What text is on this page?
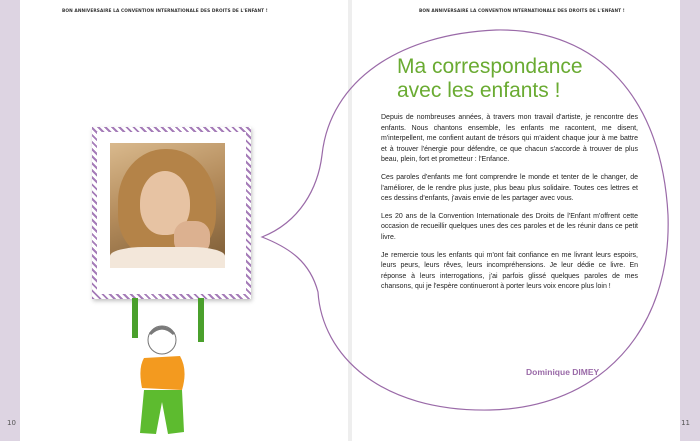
BON ANNIVERSAIRE LA CONVENTION INTERNATIONALE DES DROITS DE L'ENFANT !	BON ANNIVERSAIRE LA CONVENTION INTERNATIONALE DES DROITS DE L'ENFANT !
Ma correspondance
avec les enfants !

Depuis de nombreuses années, à travers mon travail d'artiste, je rencontre des enfants. Nous chantons ensemble, les enfants me racontent, me disent, m'interpellent, me confient autant de trésors qui m'aident chaque jour à me battre et à trouver l'énergie pour défendre, ce que chacun s'accorde à trouver de plus beau, plein, fort et prometteur : l'Enfance.

Ces paroles d'enfants me font comprendre le monde et tenter de le changer, de l'améliorer, de le rendre plus juste, plus beau plus solidaire. Toutes ces lettres et ces dessins d'enfants, j'avais envie de les partager avec vous.

Les 20 ans de la Convention Internationale des Droits de l'Enfant m'offrent cette occasion de recueillir quelques unes des ces paroles et de les réunir dans ce petit livre.

Je remercie tous les enfants qui m'ont fait confiance en me livrant leurs espoirs, leurs peurs, leurs rêves, leurs incompréhensions. Je leur dédie ce livre. En réponse à leurs interrogations, j'ai parfois glissé quelques paroles de mes chansons, qui je l'espère continueront à porter leurs voix encore plus loin !

Dominique DIMEY
10	11
